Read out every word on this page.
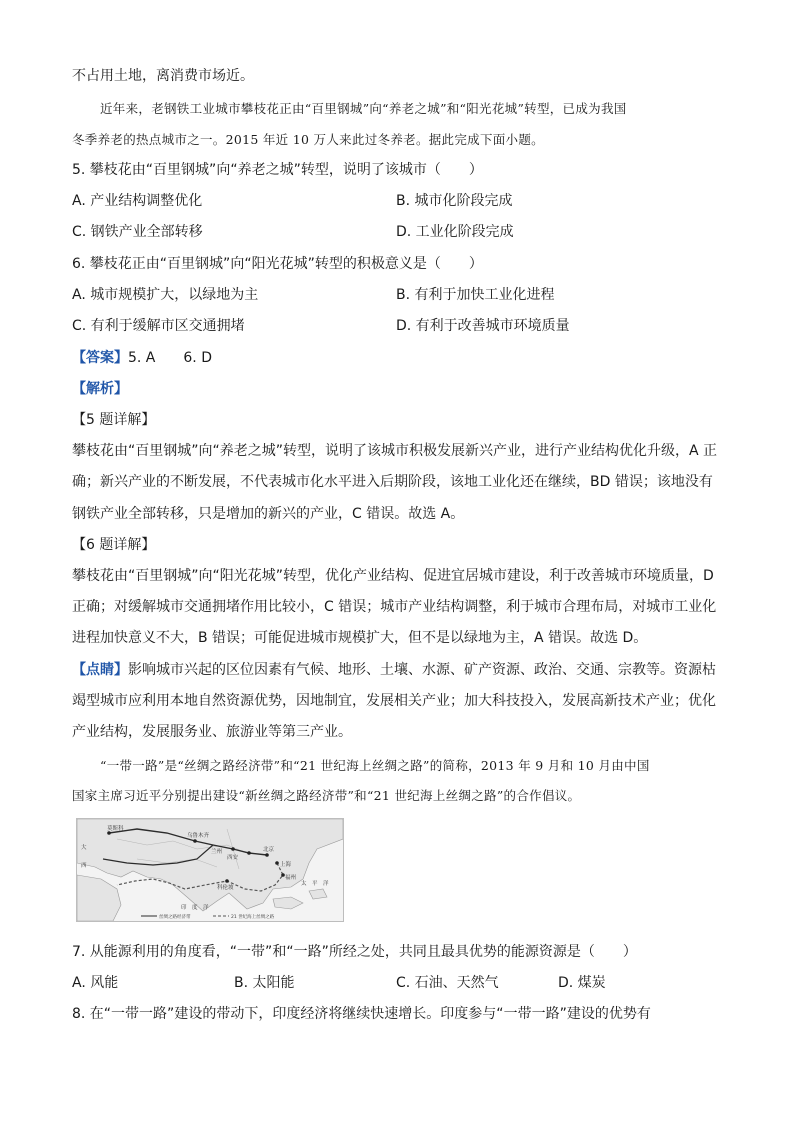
不占用土地，离消费市场近。
近年来，老钢铁工业城市攀枝花正由“百里钢城”向“养老之城”和“阳光花城”转型，已成为我国
冬季养老的热点城市之一。2015 年近 10 万人来此过冬养老。据此完成下面小题。
5. 攀枝花由“百里钢城”向“养老之城”转型，说明了该城市（　　）
A. 产业结构调整优化	B. 城市化阶段完成
C. 钢铁产业全部转移	D. 工业化阶段完成
6. 攀枝花正由“百里钢城”向“阳光花城”转型的积极意义是（　　）
A. 城市规模扩大，以绿地为主	B. 有利于加快工业化进程
C. 有利于缓解市区交通拥堵	D. 有利于改善城市环境质量
【答案】5. A　　6. D
【解析】
【5 题详解】
攀枝花由“百里钢城”向“养老之城”转型，说明了该城市积极发展新兴产业，进行产业结构优化升级，A 正
确；新兴产业的不断发展，不代表城市化水平进入后期阶段，该地工业化还在继续，BD 错误；该地没有
钢铁产业全部转移，只是增加的新兴的产业，C 错误。故选 A。
【6 题详解】
攀枝花由“百里钢城”向“阳光花城”转型，优化产业结构、促进宜居城市建设，利于改善城市环境质量，D
正确；对缓解城市交通拥堵作用比较小，C 错误；城市产业结构调整，利于城市合理布局，对城市工业化
进程加快意义不大，B 错误；可能促进城市规模扩大，但不是以绿地为主，A 错误。故选 D。
【点睛】影响城市兴起的区位因素有气候、地形、土壤、水源、矿产资源、政治、交通、宗教等。资源枯
竭型城市应利用本地自然资源优势，因地制宜，发展相关产业；加大科技投入，发展高新技术产业；优化
产业结构，发展服务业、旅游业等第三产业。
“一带一路”是“丝绸之路经济带”和“21 世纪海上丝绸之路”的简称，2013 年 9 月和 10 月由中国
国家主席习近平分别提出建设“新丝绸之路经济带”和“21 世纪海上丝绸之路”的合作倡议。
莫斯科
乌鲁木齐
西安
兰州	北京
上海
福州
科伦坡
大
西
太　平　洋
印　度　洋
丝绸之路经济带	21 世纪海上丝绸之路
7. 从能源利用的角度看，“一带”和“一路”所经之处，共同且最具优势的能源资源是（　　）
A. 风能	B. 太阳能	C. 石油、天然气	D. 煤炭
8. 在“一带一路”建设的带动下，印度经济将继续快速增长。印度参与“一带一路”建设的优势有
